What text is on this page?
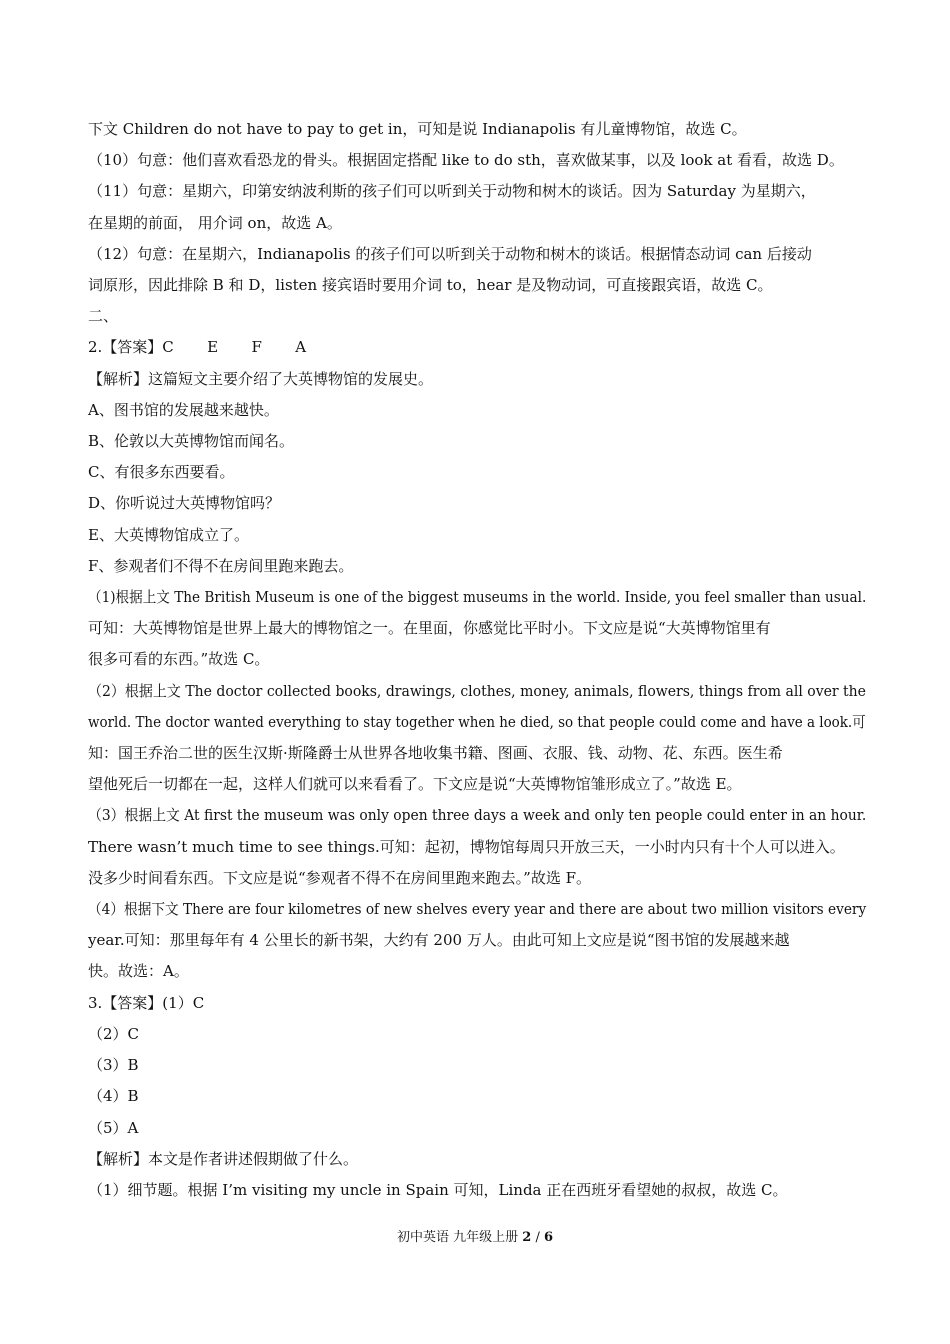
下文 Children do not have to pay to get in，可知是说 Indianapolis 有儿童博物馆，故选 C。
（10）句意：他们喜欢看恐龙的骨头。根据固定搭配 like to do sth，喜欢做某事，以及 look at 看看，故选 D。
（11）句意：星期六，印第安纳波利斯的孩子们可以听到关于动物和树木的谈话。因为 Saturday 为星期六，
在星期的前面， 用介词 on，故选 A。
（12）句意：在星期六，Indianapolis 的孩子们可以听到关于动物和树木的谈话。根据情态动词 can 后接动
词原形，因此排除 B 和 D，listen 接宾语时要用介词 to，hear 是及物动词，可直接跟宾语，故选 C。
二、
2.【答案】C       E       F       A
【解析】这篇短文主要介绍了大英博物馆的发展史。
A、图书馆的发展越来越快。
B、伦敦以大英博物馆而闻名。
C、有很多东西要看。
D、你听说过大英博物馆吗？
E、大英博物馆成立了。
F、参观者们不得不在房间里跑来跑去。
（1)根据上文 The British Museum is one of the biggest museums in the world. Inside, you feel smaller than usual.
可知：大英博物馆是世界上最大的博物馆之一。在里面，你感觉比平时小。下文应是说“大英博物馆里有
很多可看的东西。”故选 C。
（2）根据上文 The doctor collected books, drawings, clothes, money, animals, flowers, things from all over the
world. The doctor wanted everything to stay together when he died, so that people could come and have a look.可
知：国王乔治二世的医生汉斯·斯隆爵士从世界各地收集书籍、图画、衣服、钱、动物、花、东西。医生希
望他死后一切都在一起，这样人们就可以来看看了。下文应是说“大英博物馆雏形成立了。”故选 E。
（3）根据上文 At first the museum was only open three days a week and only ten people could enter in an hour.
There wasn’t much time to see things.可知：起初，博物馆每周只开放三天，一小时内只有十个人可以进入。
没多少时间看东西。下文应是说“参观者不得不在房间里跑来跑去。”故选 F。
（4）根据下文 There are four kilometres of new shelves every year and there are about two million visitors every
year.可知：那里每年有 4 公里长的新书架，大约有 200 万人。由此可知上文应是说“图书馆的发展越来越
快。故选：A。
3.【答案】(1）C
（2）C
（3）B
（4）B
（5）A
【解析】本文是作者讲述假期做了什么。
（1）细节题。根据 I’m visiting my uncle in Spain 可知，Linda 正在西班牙看望她的叔叔，故选 C。
初中英语 九年级上册 2 / 6
